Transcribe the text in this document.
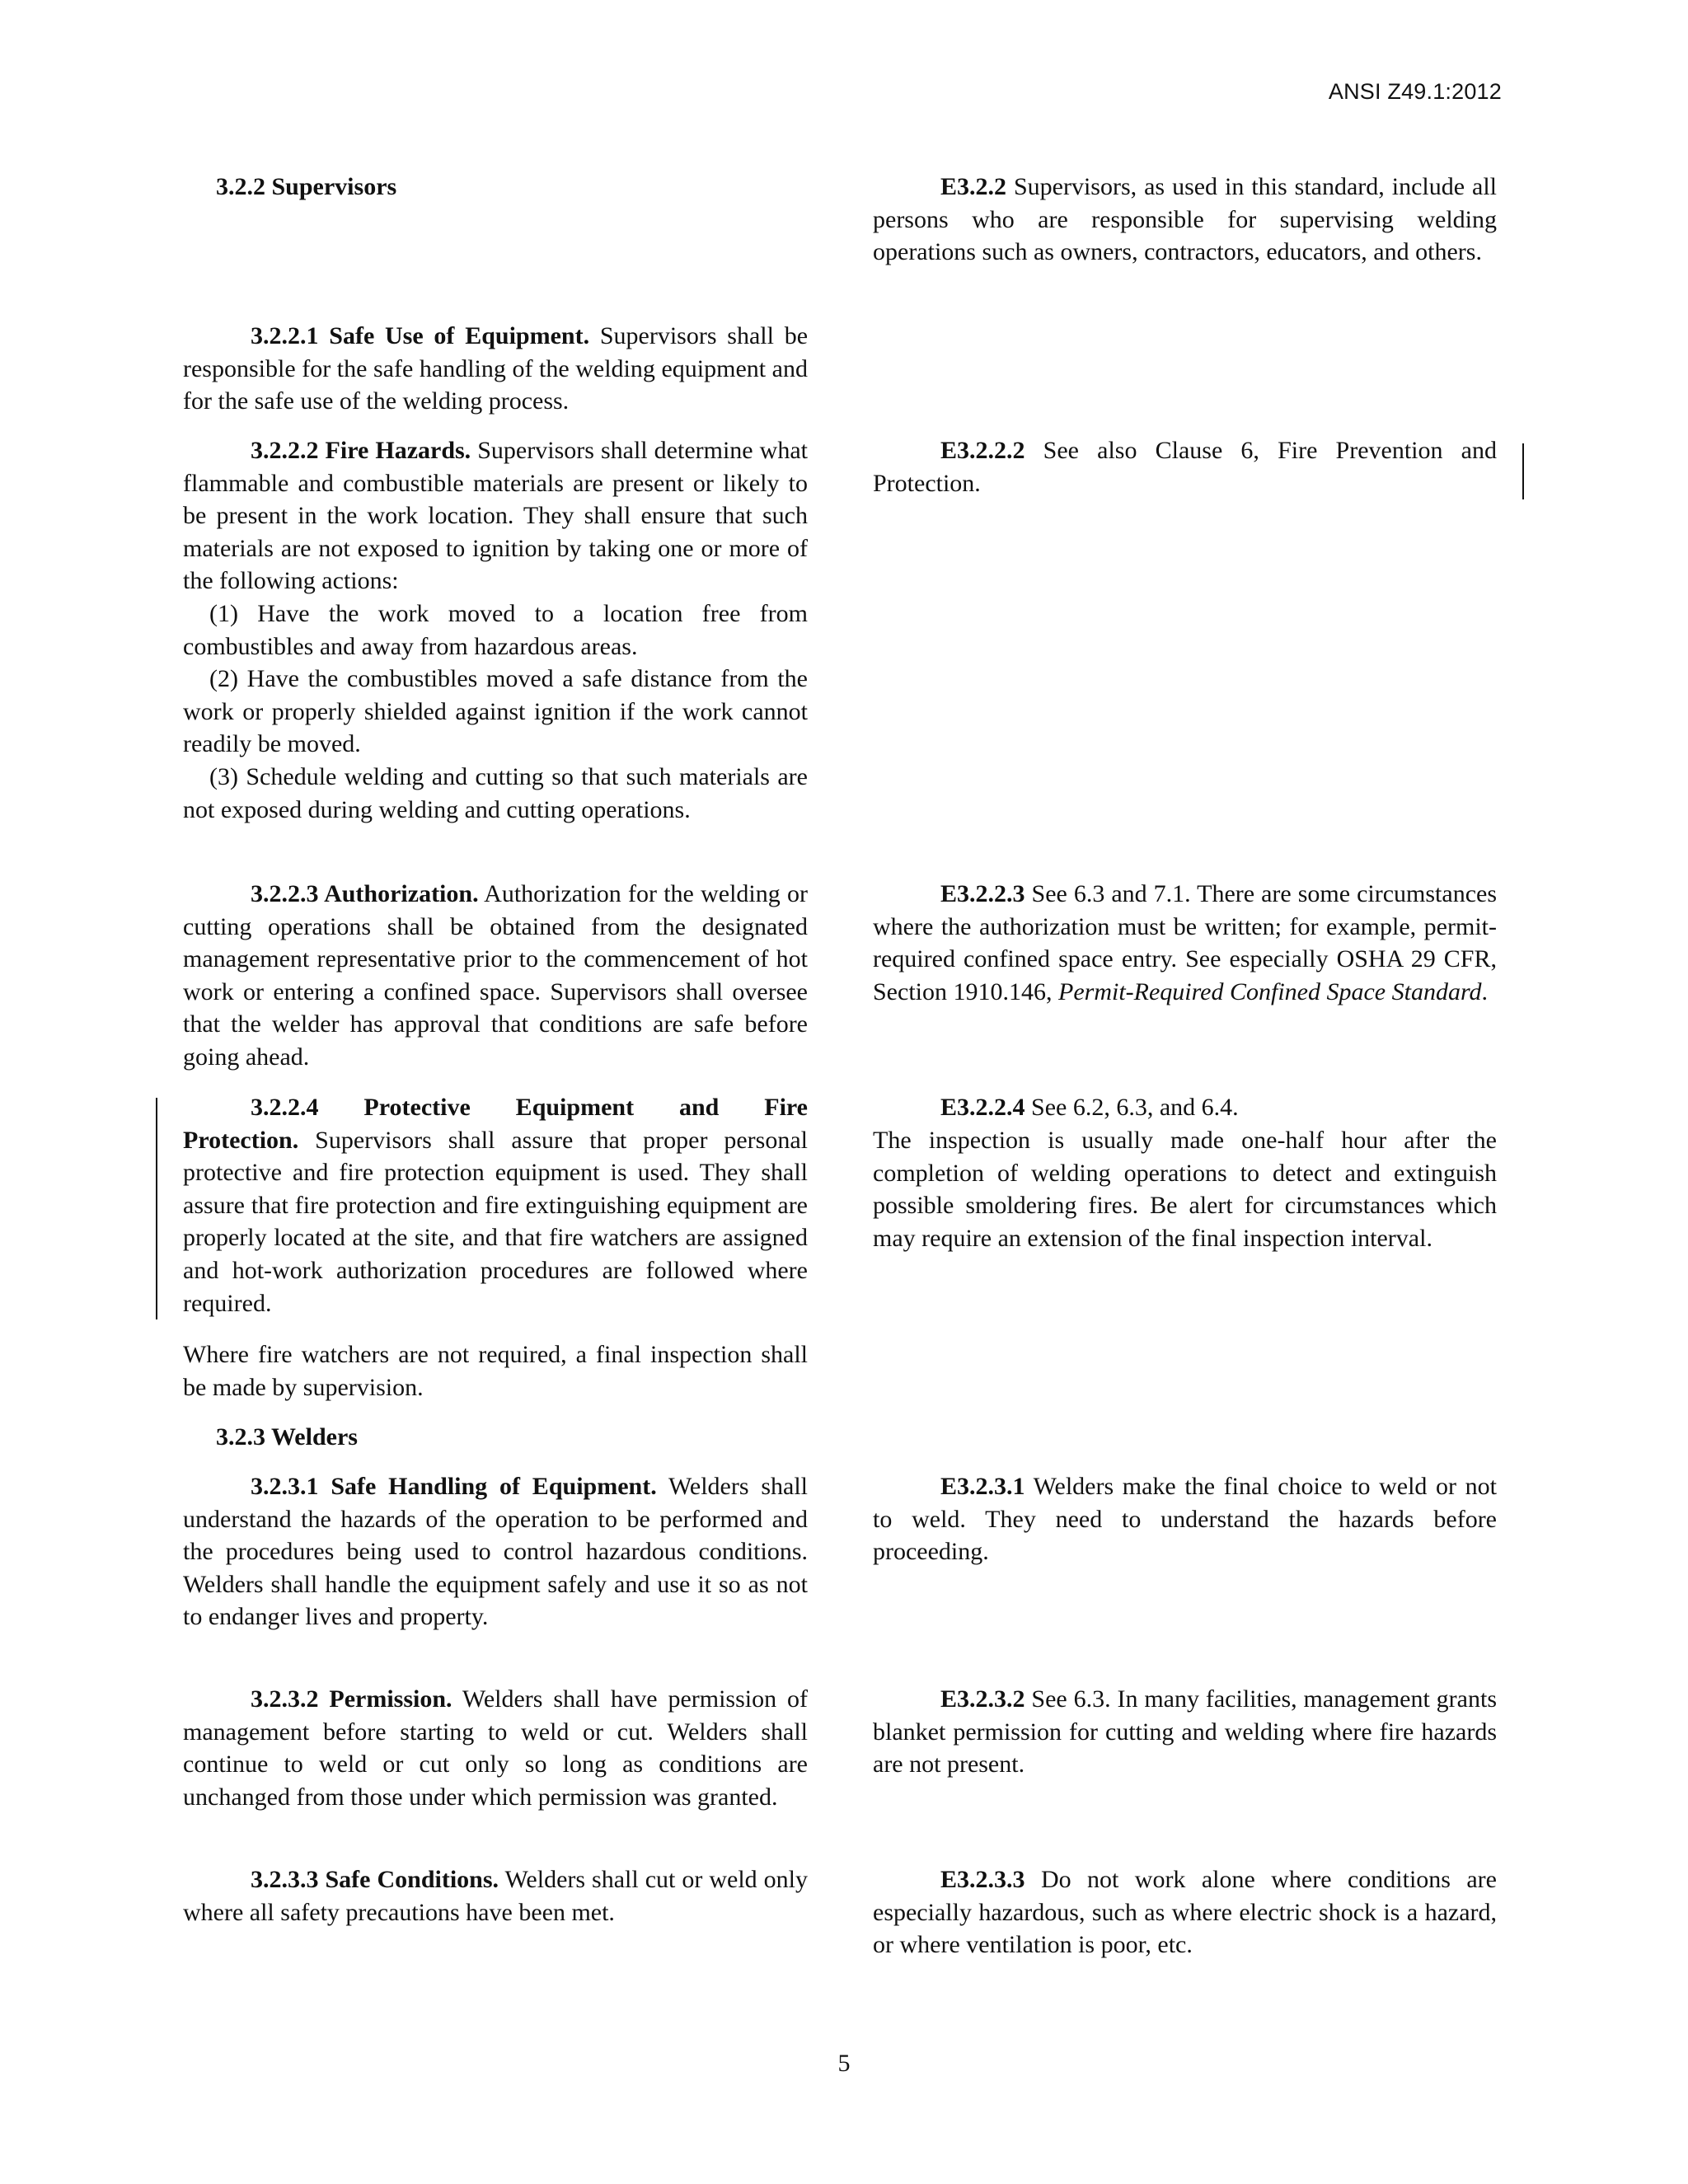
ANSI Z49.1:2012
3.2.2 Supervisors
3.2.2.1 Safe Use of Equipment. Supervisors shall be responsible for the safe handling of the welding equipment and for the safe use of the welding process.
3.2.2.2 Fire Hazards. Supervisors shall determine what flammable and combustible materials are present or likely to be present in the work location. They shall ensure that such materials are not exposed to ignition by taking one or more of the following actions:
(1) Have the work moved to a location free from combustibles and away from hazardous areas.
(2) Have the combustibles moved a safe distance from the work or properly shielded against ignition if the work cannot readily be moved.
(3) Schedule welding and cutting so that such materials are not exposed during welding and cutting operations.
3.2.2.3 Authorization. Authorization for the welding or cutting operations shall be obtained from the designated management representative prior to the commencement of hot work or entering a confined space. Supervisors shall oversee that the welder has approval that conditions are safe before going ahead.
3.2.2.4 Protective Equipment and Fire
Protection. Supervisors shall assure that proper personal protective and fire protection equipment is used. They shall assure that fire protection and fire extinguishing equipment are properly located at the site, and that fire watchers are assigned and hot-work authorization procedures are followed where required.
Where fire watchers are not required, a final inspection shall be made by supervision.
3.2.3 Welders
3.2.3.1 Safe Handling of Equipment. Welders shall understand the hazards of the operation to be performed and the procedures being used to control hazardous conditions. Welders shall handle the equipment safely and use it so as not to endanger lives and property.
3.2.3.2 Permission. Welders shall have permission of management before starting to weld or cut. Welders shall continue to weld or cut only so long as conditions are unchanged from those under which permission was granted.
3.2.3.3 Safe Conditions. Welders shall cut or weld only where all safety precautions have been met.
E3.2.2 Supervisors, as used in this standard, include all persons who are responsible for supervising welding operations such as owners, contractors, educators, and others.
E3.2.2.2 See also Clause 6, Fire Prevention and Protection.
E3.2.2.3 See 6.3 and 7.1. There are some circumstances where the authorization must be written; for example, permit-required confined space entry. See especially OSHA 29 CFR, Section 1910.146, Permit-Required Confined Space Standard.
E3.2.2.4 See 6.2, 6.3, and 6.4.
The inspection is usually made one-half hour after the completion of welding operations to detect and extinguish possible smoldering fires. Be alert for circumstances which may require an extension of the final inspection interval.
E3.2.3.1 Welders make the final choice to weld or not to weld. They need to understand the hazards before proceeding.
E3.2.3.2 See 6.3. In many facilities, management grants blanket permission for cutting and welding where fire hazards are not present.
E3.2.3.3 Do not work alone where conditions are especially hazardous, such as where electric shock is a hazard, or where ventilation is poor, etc.
5
